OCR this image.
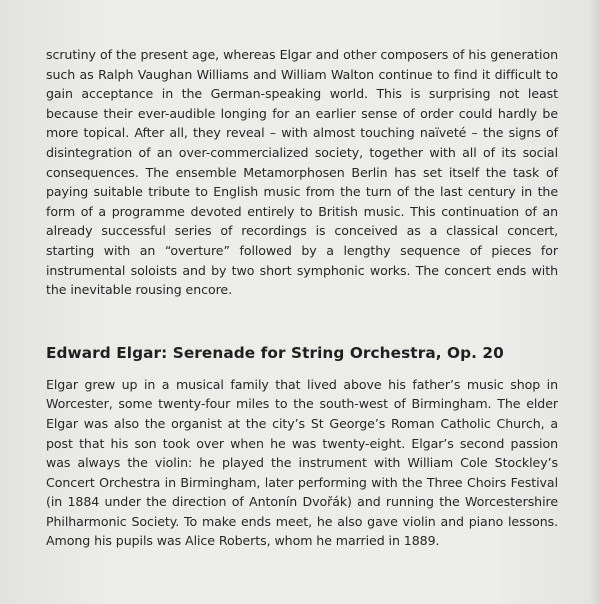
scrutiny of the present age, whereas Elgar and other composers of his generation such as Ralph Vaughan Williams and William Walton continue to find it difficult to gain acceptance in the German-speaking world. This is surprising not least because their ever-audible longing for an earlier sense of order could hardly be more topical. After all, they reveal – with almost touching naïveté – the signs of disintegration of an over-commercialized society, together with all of its social consequences. The ensemble Metamorphosen Berlin has set itself the task of paying suitable tribute to English music from the turn of the last century in the form of a programme devoted entirely to British music. This continuation of an already successful series of recordings is conceived as a classical concert, starting with an “overture” followed by a lengthy sequence of pieces for instrumental soloists and by two short symphonic works. The concert ends with the inevitable rousing encore.

Edward Elgar: Serenade for String Orchestra, Op. 20

Elgar grew up in a musical family that lived above his father’s music shop in Worcester, some twenty-four miles to the south-west of Birmingham. The elder Elgar was also the organist at the city’s St George’s Roman Catholic Church, a post that his son took over when he was twenty-eight. Elgar’s second passion was always the violin: he played the instrument with William Cole Stockley’s Concert Orchestra in Birmingham, later performing with the Three Choirs Festival (in 1884 under the direction of Antonín Dvořák) and running the Worcestershire Philharmonic Society. To make ends meet, he also gave violin and piano lessons. Among his pupils was Alice Roberts, whom he married in 1889.
